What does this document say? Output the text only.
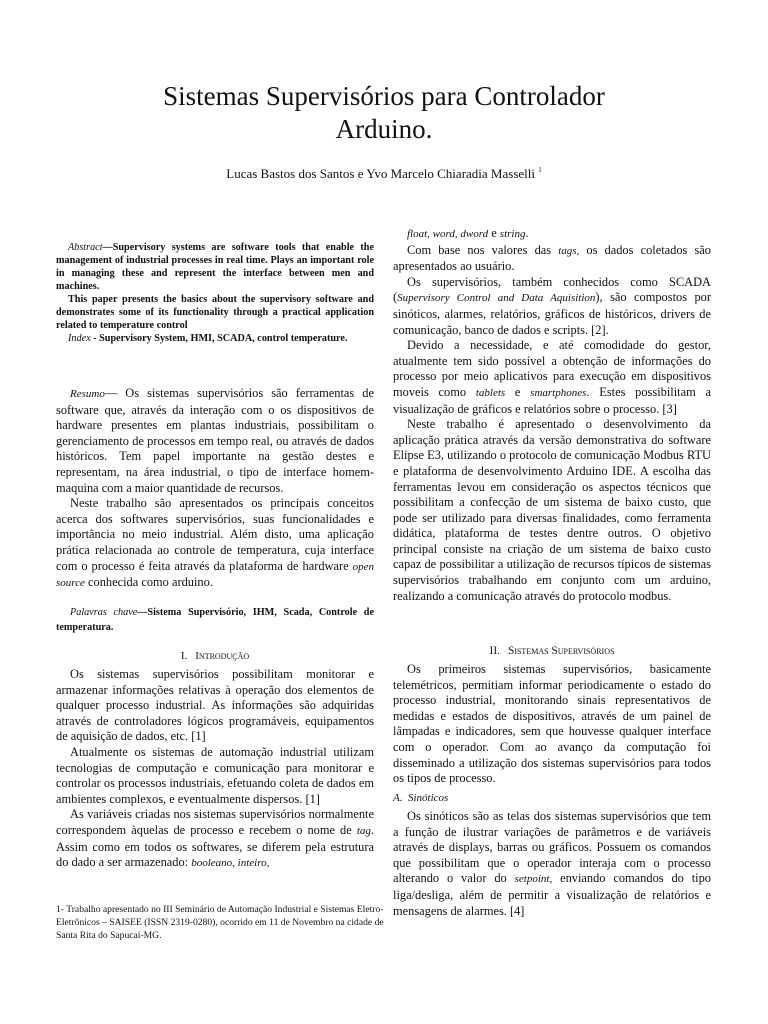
Sistemas Supervisórios para Controlador
Arduino.
Lucas Bastos dos Santos e Yvo Marcelo Chiaradia Masselli $^1$

Abstract—Supervisory systems are software tools that enable the management of industrial processes in real time. Plays an important role in managing these and represent the interface between men and machines.

This paper presents the basics about the supervisory software and demonstrates some of its functionality through a practical application related to temperature control

Index - Supervisory System, HMI, SCADA, control temperature.

Resumo— Os sistemas supervisórios são ferramentas de software que, através da interação com o os dispositivos de hardware presentes em plantas industriais, possibilitam o gerenciamento de processos em tempo real, ou através de dados históricos. Tem papel importante na gestão destes e representam, na área industrial, o tipo de interface homem-maquina com a maior quantidade de recursos.

Neste trabalho são apresentados os principais conceitos acerca dos softwares supervisórios, suas funcionalidades e importância no meio industrial. Além disto, uma aplicação prática relacionada ao controle de temperatura, cuja interface com o processo é feita através da plataforma de hardware open source conhecida como arduino.

Palavras chave—Sistema Supervisório, IHM, Scada, Controle de temperatura.

I. Introdução

Os sistemas supervisórios possibilitam monitorar e armazenar informações relativas à operação dos elementos de qualquer processo industrial. As informações são adquiridas através de controladores lógicos programáveis, equipamentos de aquisição de dados, etc. [1]

Atualmente os sistemas de automação industrial utilizam tecnologias de computação e comunicação para monitorar e controlar os processos industriais, efetuando coleta de dados em ambientes complexos, e eventualmente dispersos. [1]

As variáveis criadas nos sistemas supervisórios normalmente correspondem àquelas de processo e recebem o nome de tag. Assim como em todos os softwares, se diferem pela estrutura do dado a ser armazenado: booleano, inteiro,

1- Trabalho apresentado no III Seminário de Automação Industrial e Sistemas Eletro-Eletrônicos – SAISEE (ISSN 2319-0280), ocorrido em 11 de Novembro na cidade de Santa Rita do Sapucaí-MG.

float, word, dword e string.

Com base nos valores das tags, os dados coletados são apresentados ao usuário.

Os supervisórios, também conhecidos como SCADA (Supervisory Control and Data Aquisition), são compostos por sinóticos, alarmes, relatórios, gráficos de históricos, drivers de comunicação, banco de dados e scripts. [2].

Devido a necessidade, e até comodidade do gestor, atualmente tem sido possível a obtenção de informações do processo por meio aplicativos para execução em dispositivos moveis como tablets e smartphones. Estes possibilitam a visualização de gráficos e relatórios sobre o processo. [3]

Neste trabalho é apresentado o desenvolvimento da aplicação prática através da versão demonstrativa do software Elipse E3, utilizando o protocolo de comunicação Modbus RTU e plataforma de desenvolvimento Arduino IDE. A escolha das ferramentas levou em consideração os aspectos técnicos que possibilitam a confecção de um sistema de baixo custo, que pode ser utilizado para diversas finalidades, como ferramenta didática, plataforma de testes dentre outros. O objetivo principal consiste na criação de um sistema de baixo custo capaz de possibilitar a utilização de recursos típicos de sistemas supervisórios trabalhando em conjunto com um arduino, realizando a comunicação através do protocolo modbus.

II. Sistemas Supervisórios

Os primeiros sistemas supervisórios, basicamente telemétricos, permitiam informar periodicamente o estado do processo industrial, monitorando sinais representativos de medidas e estados de dispositivos, através de um painel de lâmpadas e indicadores, sem que houvesse qualquer interface com o operador. Com ao avanço da computação foi disseminado a utilização dos sistemas supervisórios para todos os tipos de processo.

A. Sinóticos

Os sinóticos são as telas dos sistemas supervisórios que tem a função de ilustrar variações de parâmetros e de variáveis através de displays, barras ou gráficos. Possuem os comandos que possibilitam que o operador interaja com o processo alterando o valor do setpoint, enviando comandos do tipo liga/desliga, além de permitir a visualização de relatórios e mensagens de alarmes. [4]
